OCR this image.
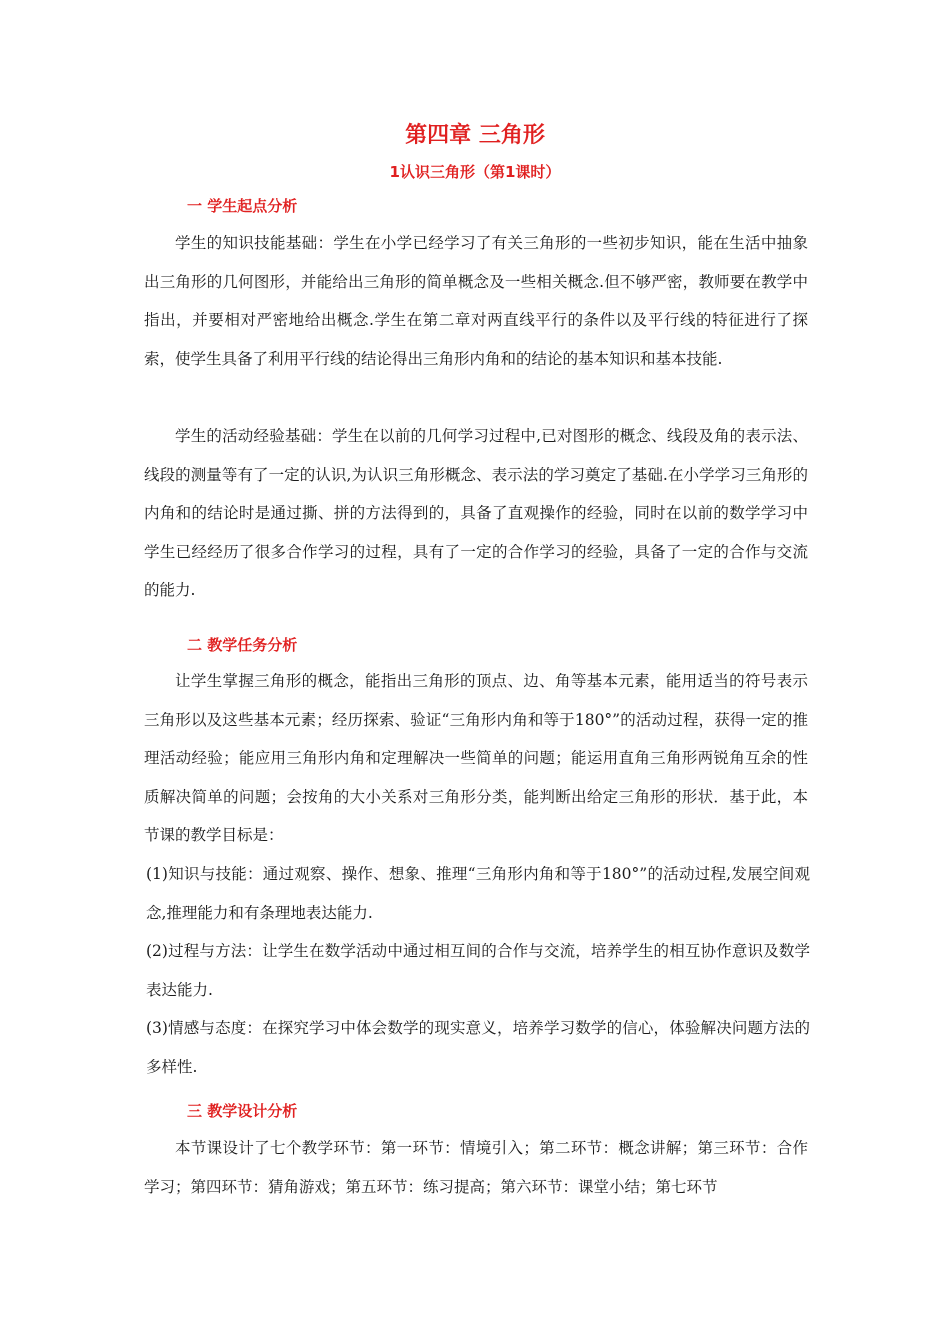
第四章 三角形
1认识三角形（第1课时）
一 学生起点分析

学生的知识技能基础：学生在小学已经学习了有关三角形的一些初步知识，能在生活中抽象出三角形的几何图形，并能给出三角形的简单概念及一些相关概念.但不够严密，教师要在教学中指出，并要相对严密地给出概念.学生在第二章对两直线平行的条件以及平行线的特征进行了探索，使学生具备了利用平行线的结论得出三角形内角和的结论的基本知识和基本技能.

学生的活动经验基础：学生在以前的几何学习过程中,已对图形的概念、线段及角的表示法、线段的测量等有了一定的认识,为认识三角形概念、表示法的学习奠定了基础.在小学学习三角形的内角和的结论时是通过撕、拼的方法得到的，具备了直观操作的经验，同时在以前的数学学习中学生已经经历了很多合作学习的过程，具有了一定的合作学习的经验，具备了一定的合作与交流的能力.

二 教学任务分析

让学生掌握三角形的概念，能指出三角形的顶点、边、角等基本元素，能用适当的符号表示三角形以及这些基本元素；经历探索、验证“三角形内角和等于180°”的活动过程，获得一定的推理活动经验；能应用三角形内角和定理解决一些简单的问题；能运用直角三角形两锐角互余的性质解决简单的问题；会按角的大小关系对三角形分类，能判断出给定三角形的形状．基于此，本节课的教学目标是：

(1)知识与技能：通过观察、操作、想象、推理“三角形内角和等于180°”的活动过程,发展空间观念,推理能力和有条理地表达能力.

(2)过程与方法：让学生在数学活动中通过相互间的合作与交流，培养学生的相互协作意识及数学表达能力.

(3)情感与态度：在探究学习中体会数学的现实意义，培养学习数学的信心，体验解决问题方法的多样性.

三 教学设计分析

本节课设计了七个教学环节：第一环节：情境引入；第二环节：概念讲解；第三环节：合作学习；第四环节：猜角游戏；第五环节：练习提高；第六环节：课堂小结；第七环节
